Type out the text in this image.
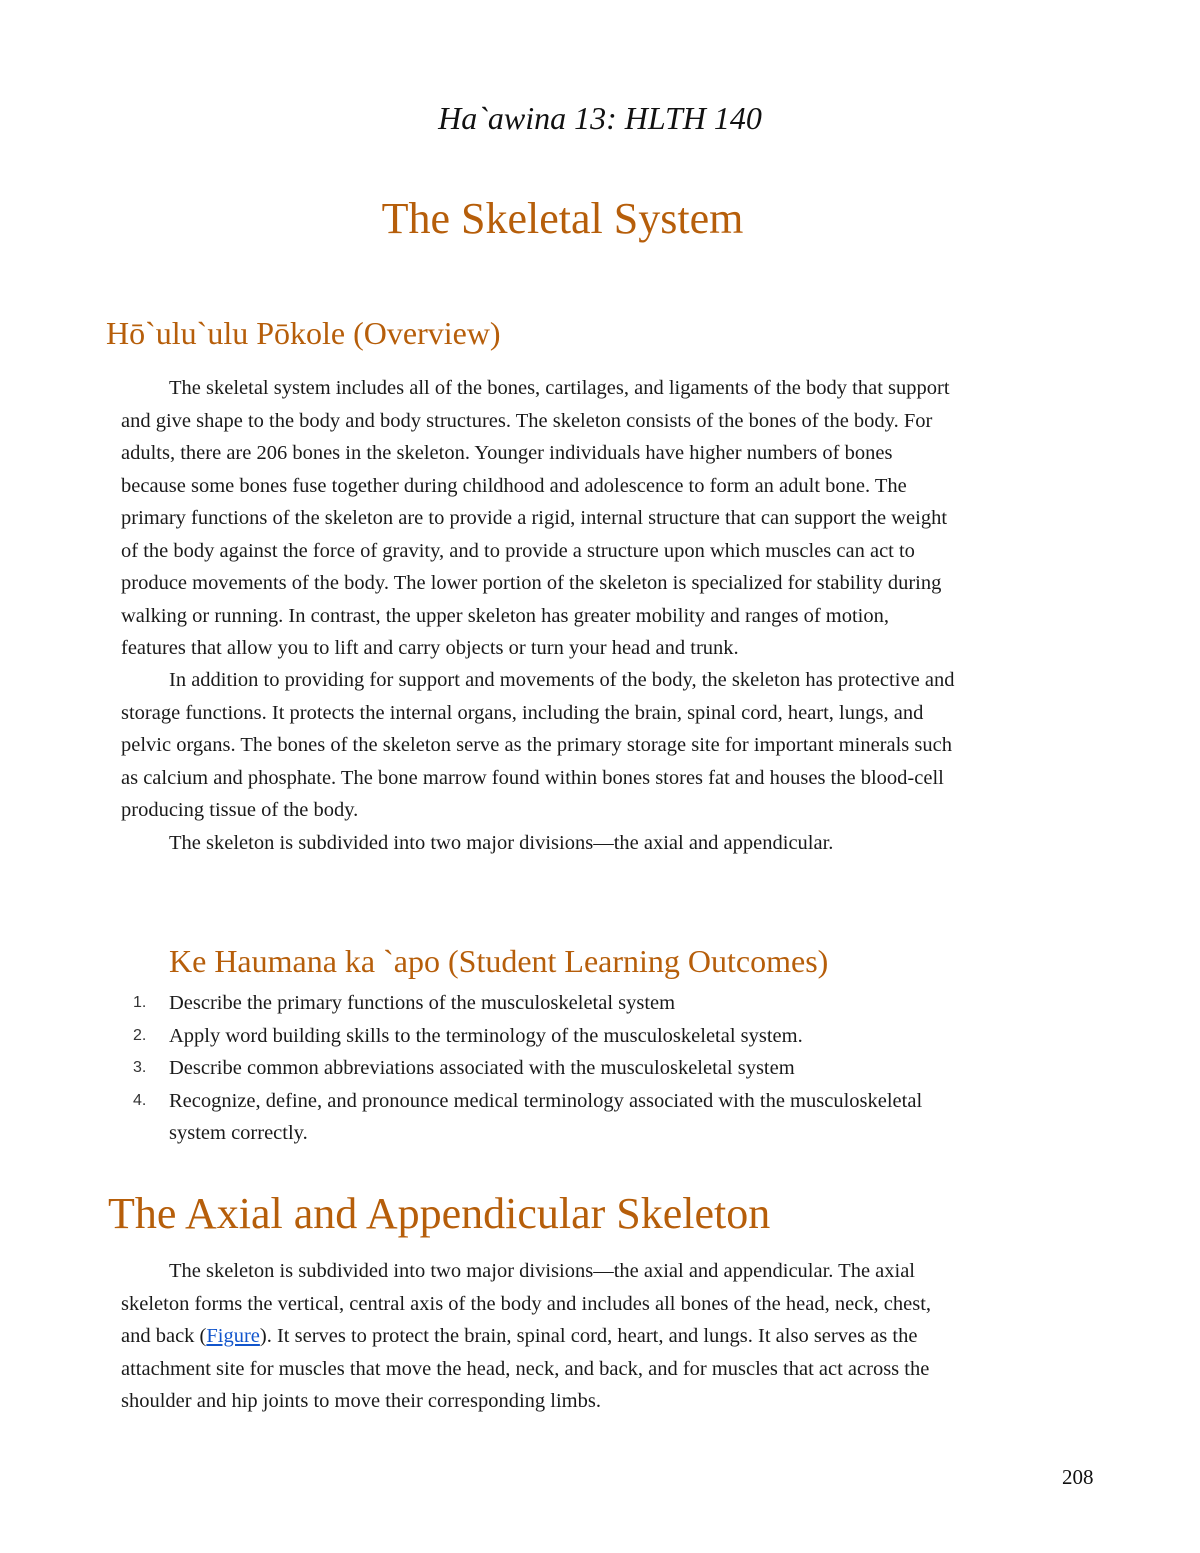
Ha`awina 13: HLTH 140
The Skeletal System
Hō`ulu`ulu Pōkole (Overview)

The skeletal system includes all of the bones, cartilages, and ligaments of the body that support
and give shape to the body and body structures. The skeleton consists of the bones of the body. For
adults, there are 206 bones in the skeleton. Younger individuals have higher numbers of bones
because some bones fuse together during childhood and adolescence to form an adult bone. The
primary functions of the skeleton are to provide a rigid, internal structure that can support the weight
of the body against the force of gravity, and to provide a structure upon which muscles can act to
produce movements of the body. The lower portion of the skeleton is specialized for stability during
walking or running. In contrast, the upper skeleton has greater mobility and ranges of motion,
features that allow you to lift and carry objects or turn your head and trunk.

In addition to providing for support and movements of the body, the skeleton has protective and
storage functions. It protects the internal organs, including the brain, spinal cord, heart, lungs, and
pelvic organs. The bones of the skeleton serve as the primary storage site for important minerals such
as calcium and phosphate. The bone marrow found within bones stores fat and houses the blood-cell
producing tissue of the body.

The skeleton is subdivided into two major divisions—the axial and appendicular.

Ke Haumana ka `apo (Student Learning Outcomes)
1. Describe the primary functions of the musculoskeletal system
2. Apply word building skills to the terminology of the musculoskeletal system.
3. Describe common abbreviations associated with the musculoskeletal system
4. Recognize, define, and pronounce medical terminology associated with the musculoskeletal
system correctly.
The Axial and Appendicular Skeleton

The skeleton is subdivided into two major divisions—the axial and appendicular. The axial
skeleton forms the vertical, central axis of the body and includes all bones of the head, neck, chest,
and back (Figure). It serves to protect the brain, spinal cord, heart, and lungs. It also serves as the
attachment site for muscles that move the head, neck, and back, and for muscles that act across the
shoulder and hip joints to move their corresponding limbs.

208
